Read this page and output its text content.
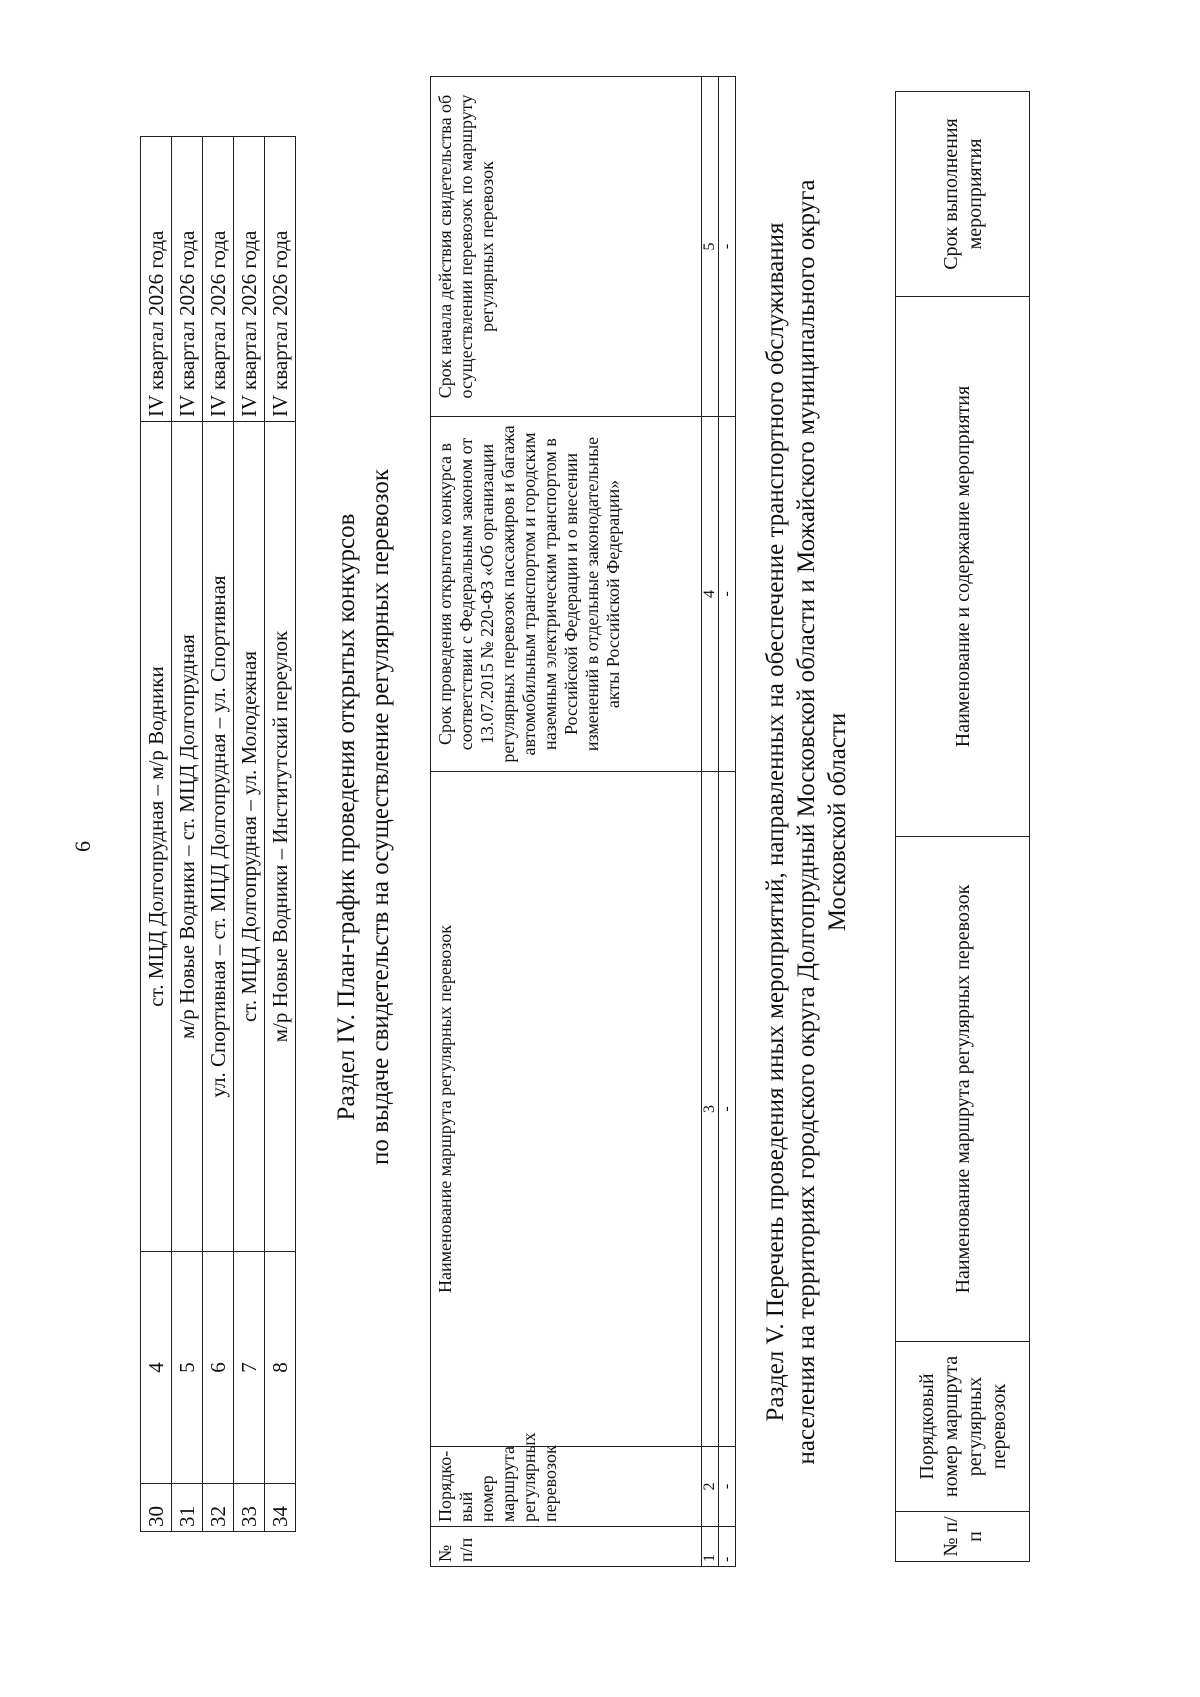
6
30	4	ст. МЦД Долгопрудная – м/р Водники	IV квартал 2026 года
31	5	м/р Новые Водники – ст. МЦД Долгопрудная	IV квартал 2026 года
32	6	ул. Спортивная – ст. МЦД Долгопрудная – ул. Спортивная	IV квартал 2026 года
33	7	ст. МЦД Долгопрудная – ул. Молодежная	IV квартал 2026 года
34	8	м/р Новые Водники – Институтский переулок	IV квартал 2026 года
Раздел IV. План-график проведения открытых конкурсов по выдаче свидетельств на осуществление регулярных перевозок
№ п/п	Порядко-вый номер маршрута регулярных перевозок	Наименование маршрута регулярных перевозок	Срок проведения открытого конкурса в соответствии с Федеральным законом от 13.07.2015 № 220-ФЗ «Об организации регулярных перевозок пассажиров и багажа автомобильным транспортом и городским наземным электрическим транспортом в Российской Федерации и о внесении изменений в отдельные законодательные акты Российской Федерации»	Срок начала действия свидетельства об осуществлении перевозок по маршруту регулярных перевозок
1	2	3	4	5
-	-	-	-	- Раздел V. Перечень проведения иных мероприятий, направленных на обеспечение транспортного обслуживания населения на территориях городского округа Долгопрудный Московской области и Можайского муниципального округа Московской области
№ п/п	Порядковый номер маршрута регулярных перевозок	Наименование маршрута регулярных перевозок	Наименование и содержание мероприятия	Срок выполнения мероприятия
